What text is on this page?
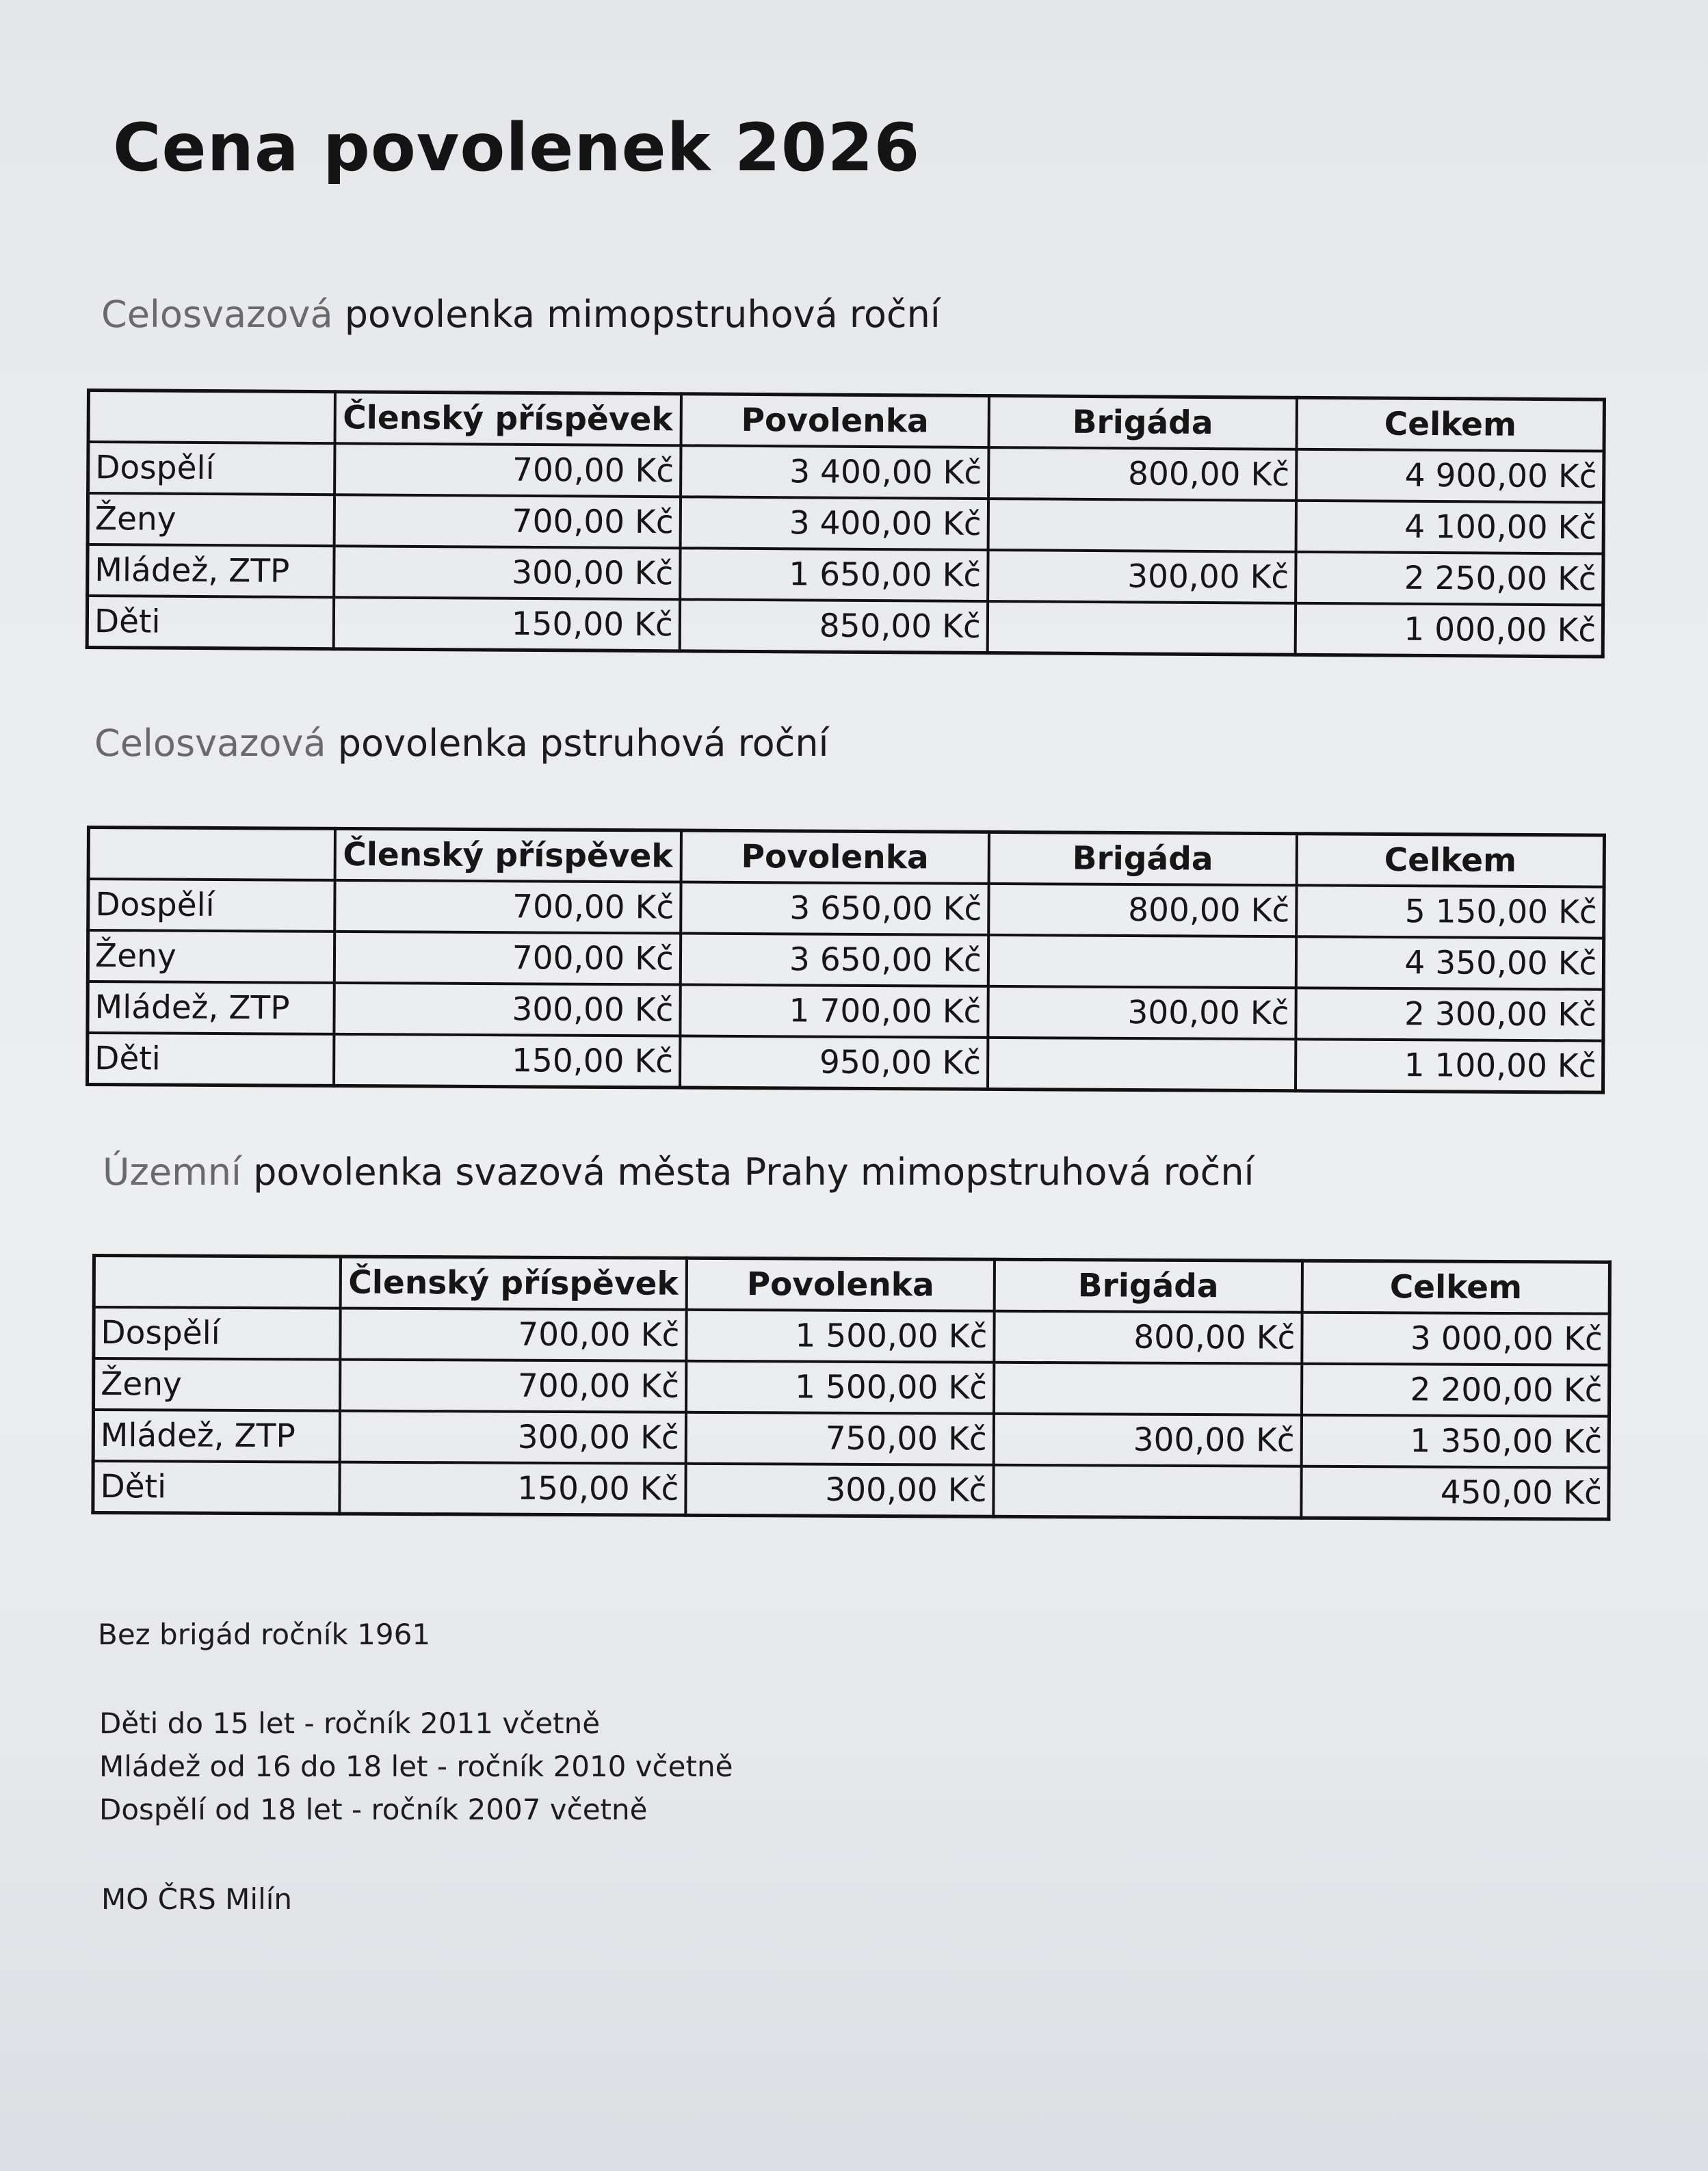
Cena povolenek 2026
Celosvazová povolenka mimopstruhová roční
	Členský příspěvek	Povolenka	Brigáda	Celkem
Dospělí	700,00 Kč	3 400,00 Kč	800,00 Kč	4 900,00 Kč
Ženy	700,00 Kč	3 400,00 Kč		4 100,00 Kč
Mládež, ZTP	300,00 Kč	1 650,00 Kč	300,00 Kč	2 250,00 Kč
Děti	150,00 Kč	850,00 Kč		1 000,00 Kč
Celosvazová povolenka pstruhová roční
	Členský příspěvek	Povolenka	Brigáda	Celkem
Dospělí	700,00 Kč	3 650,00 Kč	800,00 Kč	5 150,00 Kč
Ženy	700,00 Kč	3 650,00 Kč		4 350,00 Kč
Mládež, ZTP	300,00 Kč	1 700,00 Kč	300,00 Kč	2 300,00 Kč
Děti	150,00 Kč	950,00 Kč		1 100,00 Kč
Územní povolenka svazová města Prahy mimopstruhová roční
	Členský příspěvek	Povolenka	Brigáda	Celkem
Dospělí	700,00 Kč	1 500,00 Kč	800,00 Kč	3 000,00 Kč
Ženy	700,00 Kč	1 500,00 Kč		2 200,00 Kč
Mládež, ZTP	300,00 Kč	750,00 Kč	300,00 Kč	1 350,00 Kč
Děti	150,00 Kč	300,00 Kč		450,00 Kč

Bez brigád ročník 1961

Děti do 15 let - ročník 2011 včetně

Mládež od 16 do 18 let - ročník 2010 včetně

Dospělí od 18 let - ročník 2007 včetně

MO ČRS Milín
